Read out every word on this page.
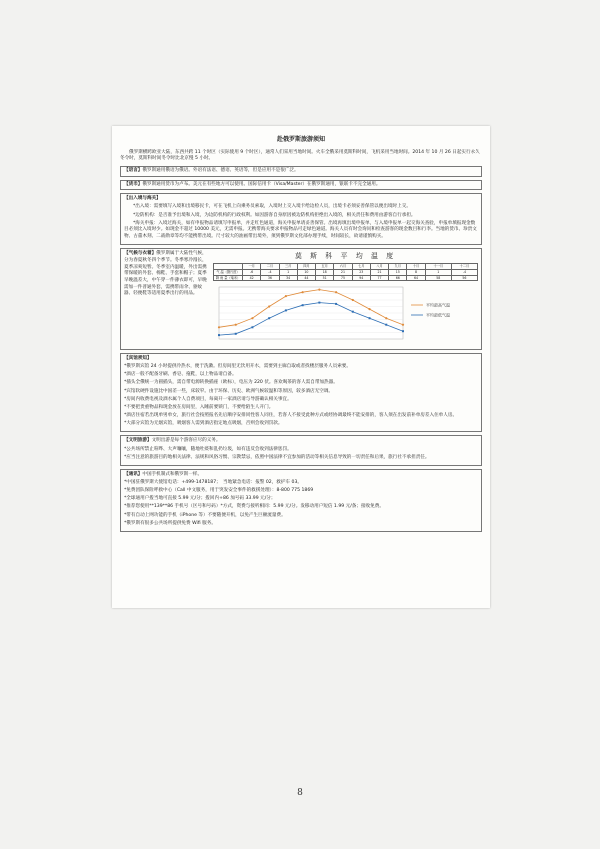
赴俄罗斯旅游须知

俄罗斯横跨欧亚大陆，东西共跨 11 个时区（实际使用 9 个时区），通常人们采用当地时间。火车全俄采用莫斯科时间，飞机采用当地时间。2014 年 10 月 26 日起实行永久冬令时，莫斯科时间冬令时比北京慢 5 小时。

【语言】俄罗斯通用俄语为俄语。外语有法语、德语、英语等，但是应用不是很广泛。
【货币】俄罗斯通用货币为卢布。美元在有些地方可以使用。国际信用卡（Visa/Master）在俄罗斯通用，银联卡不完全通用。

【出入境与海关】

*出入境：需要填写入境和出境移民卡，可在飞机上向乘务员索取，入境时上交入境卡给边检人员，出境卡必须妥善保管以便出境时上交。

*边防机构：是否准予出境和入境，为边防机构的行政权利。如因游客自身原因被边防机构拒绝出入境的，相关责任和费用由游客自行承担。

*海关申报：入境过海关，如有申报物品请填写申报单，并走红色通道，海关申报单请妥善保管。出境再填出境申报单，与入境申报单一起交海关查验，申报单填报现金数目必须比入境时少。如现金不超过 10000 美元，无需申报。无携带海关要求申报物品可走绿色通道。海关人员有时会询问和检查游客的现金数目和行李。当地的货币、珍贵文物、古董木刻、二战勋章等均不能携带出境。尺寸较大的油画带出境外，须到俄罗斯文化部办理手续，时间较长，故请谨慎购买。

【气候与衣着】俄罗斯属于大陆性气候，分为春夏秋冬四个季节。冬季寒冷漫长，夏季凉爽短暂。冬季室内温暖，外出需携带保暖的外套、棉鞋、手套和帽子；夏季早晚温差大，中午穿一件薄衣即可，早晚需加一件普通外套，需携带雨伞、驱蚊器、轻便鞋等适用夏季出行的用品。
莫 斯 科 平 均 温 度
	一月	二月	三月	四月	五月	六月	七月	八月	九月	十月	十一月	十二月
气 温（摄氏度）	-6	-4	1	10	18	21	23	21	15	8	1	-4
降 雨 量（毫米）	42	36	34	44	51	75	94	77	66	64	58	56
平均最高气温
平均最低气温

【宾馆须知】

*俄罗斯宾馆 24 小时提供冷热水，便于洗漱。但房间里无饮用开水，需要到主廊自取或者找楼层服务人员索要。

*酒店一般不配备牙刷、香皂、拖鞋，以上物品请自备。

*插头全俄统一为圆插头，需自带电源转换插座（欧标），电压为 220 伏。喜欢喝茶的客人需自带加热器。

*宾馆软硬件设施比中国差一些，床较窄。由于环保、历史、欧洲气候较温和等原因，较多酒店无空调。

*房间内收费电视及酒水属个人自费项目，每离开一家酒店请与导游确认相关事宜。

*不要把贵重物品和现金放在房间里，入睡前要锁门，不要给陌生人开门。

*酒店住宿若出现单男单女，旅行社会按照报名先后顺序安排同性客人同住，若客人不接受此种方式或经协调最终不能安排的，客人须在出发前补单房差入住单人房。

*大部分宾馆为无烟宾馆，吸烟客人需到酒店指定地点吸烟，否则会收到罚款。

【文明旅游】文明出游是每个游客应尽的义务。

*公共场所禁止喧哗、大声嚷嚷，随地吐痰和乱扔垃圾，如有违反会收到法律惩罚。

*应当注意的旅游目的地相关法律、法规和风俗习惯、宗教禁忌，依照中国法律不宜参加的活动等相关信息导致的一切责任和后果，旅行社不承担责任。

【通讯】中国手机制式和俄罗斯一样。

*中国驻俄罗斯大使馆电话：+499-1478187；　当地紧急电话：报警 02，救护车 03。

*免费团队保险呼救中心（Call 中文服务，用于突发安全事件的救援处理）：8-800 775 1869

*全球通用户拨当地可直接 5.99 元/分；拨回内+86 加号码 33.99 元/分；

*推荐您使用**139**86 手机号（区号和号码）*方式，资费与接听相同：5.99 元/分。发移动用户短信 1.99 元/条；接收免费。

*带有自动上网功能的手机（iPhone 等）不要随便开机，以免产生巨额流量费。

*俄罗斯有很多公共场所提供免费 Wifi 服务。

8
